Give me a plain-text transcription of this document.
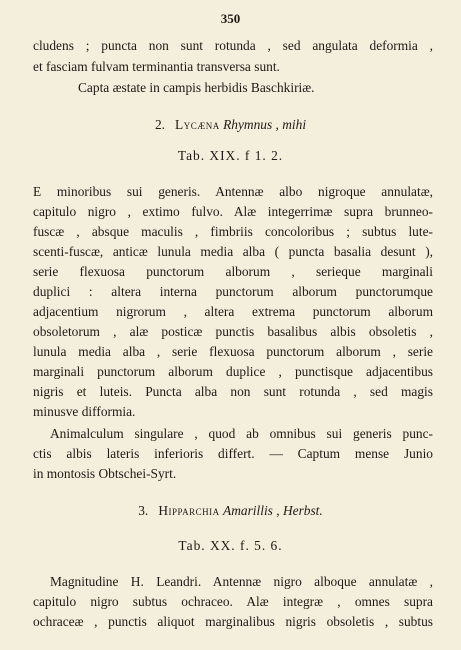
350
cludens ; puncta non sunt rotunda , sed angulata deformia ,
et fasciam fulvam terminantia transversa sunt.
Capta æstate in campis herbidis Baschkiriæ.
2. Lycæna Rhymnus , mihi
Tab. XIX. f 1. 2.
E minoribus sui generis. Antennæ albo nigroque annulatæ,
capitulo nigro , extimo fulvo. Alæ integerrimæ supra brunneo-
fuscæ , absque maculis , fimbriis concoloribus ; subtus lute-
scenti-fuscæ, anticæ lunula media alba ( puncta basalia desunt ),
serie flexuosa punctorum alborum , serieque marginali
duplici : altera interna punctorum alborum punctorumque
adjacentium nigrorum , altera extrema punctorum alborum
obsoletorum , alæ posticæ punctis basalibus albis obsoletis ,
lunula media alba , serie flexuosa punctorum alborum , serie
marginali punctorum alborum duplice , punctisque adjacentibus
nigris et luteis. Puncta alba non sunt rotunda , sed magis
minusve difformia.
Animalculum singulare , quod ab omnibus sui generis punc-
ctis albis lateris inferioris differt. — Captum mense Junio
in montosis Obtschei-Syrt.
3. Hipparchia Amarillis , Herbst.
Tab. XX. f. 5. 6.
Magnitudine H. Leandri. Antennæ nigro alboque annulatæ ,
capitulo nigro subtus ochraceo. Alæ integræ , omnes supra
ochraceæ , punctis aliquot marginalibus nigris obsoletis , subtus
